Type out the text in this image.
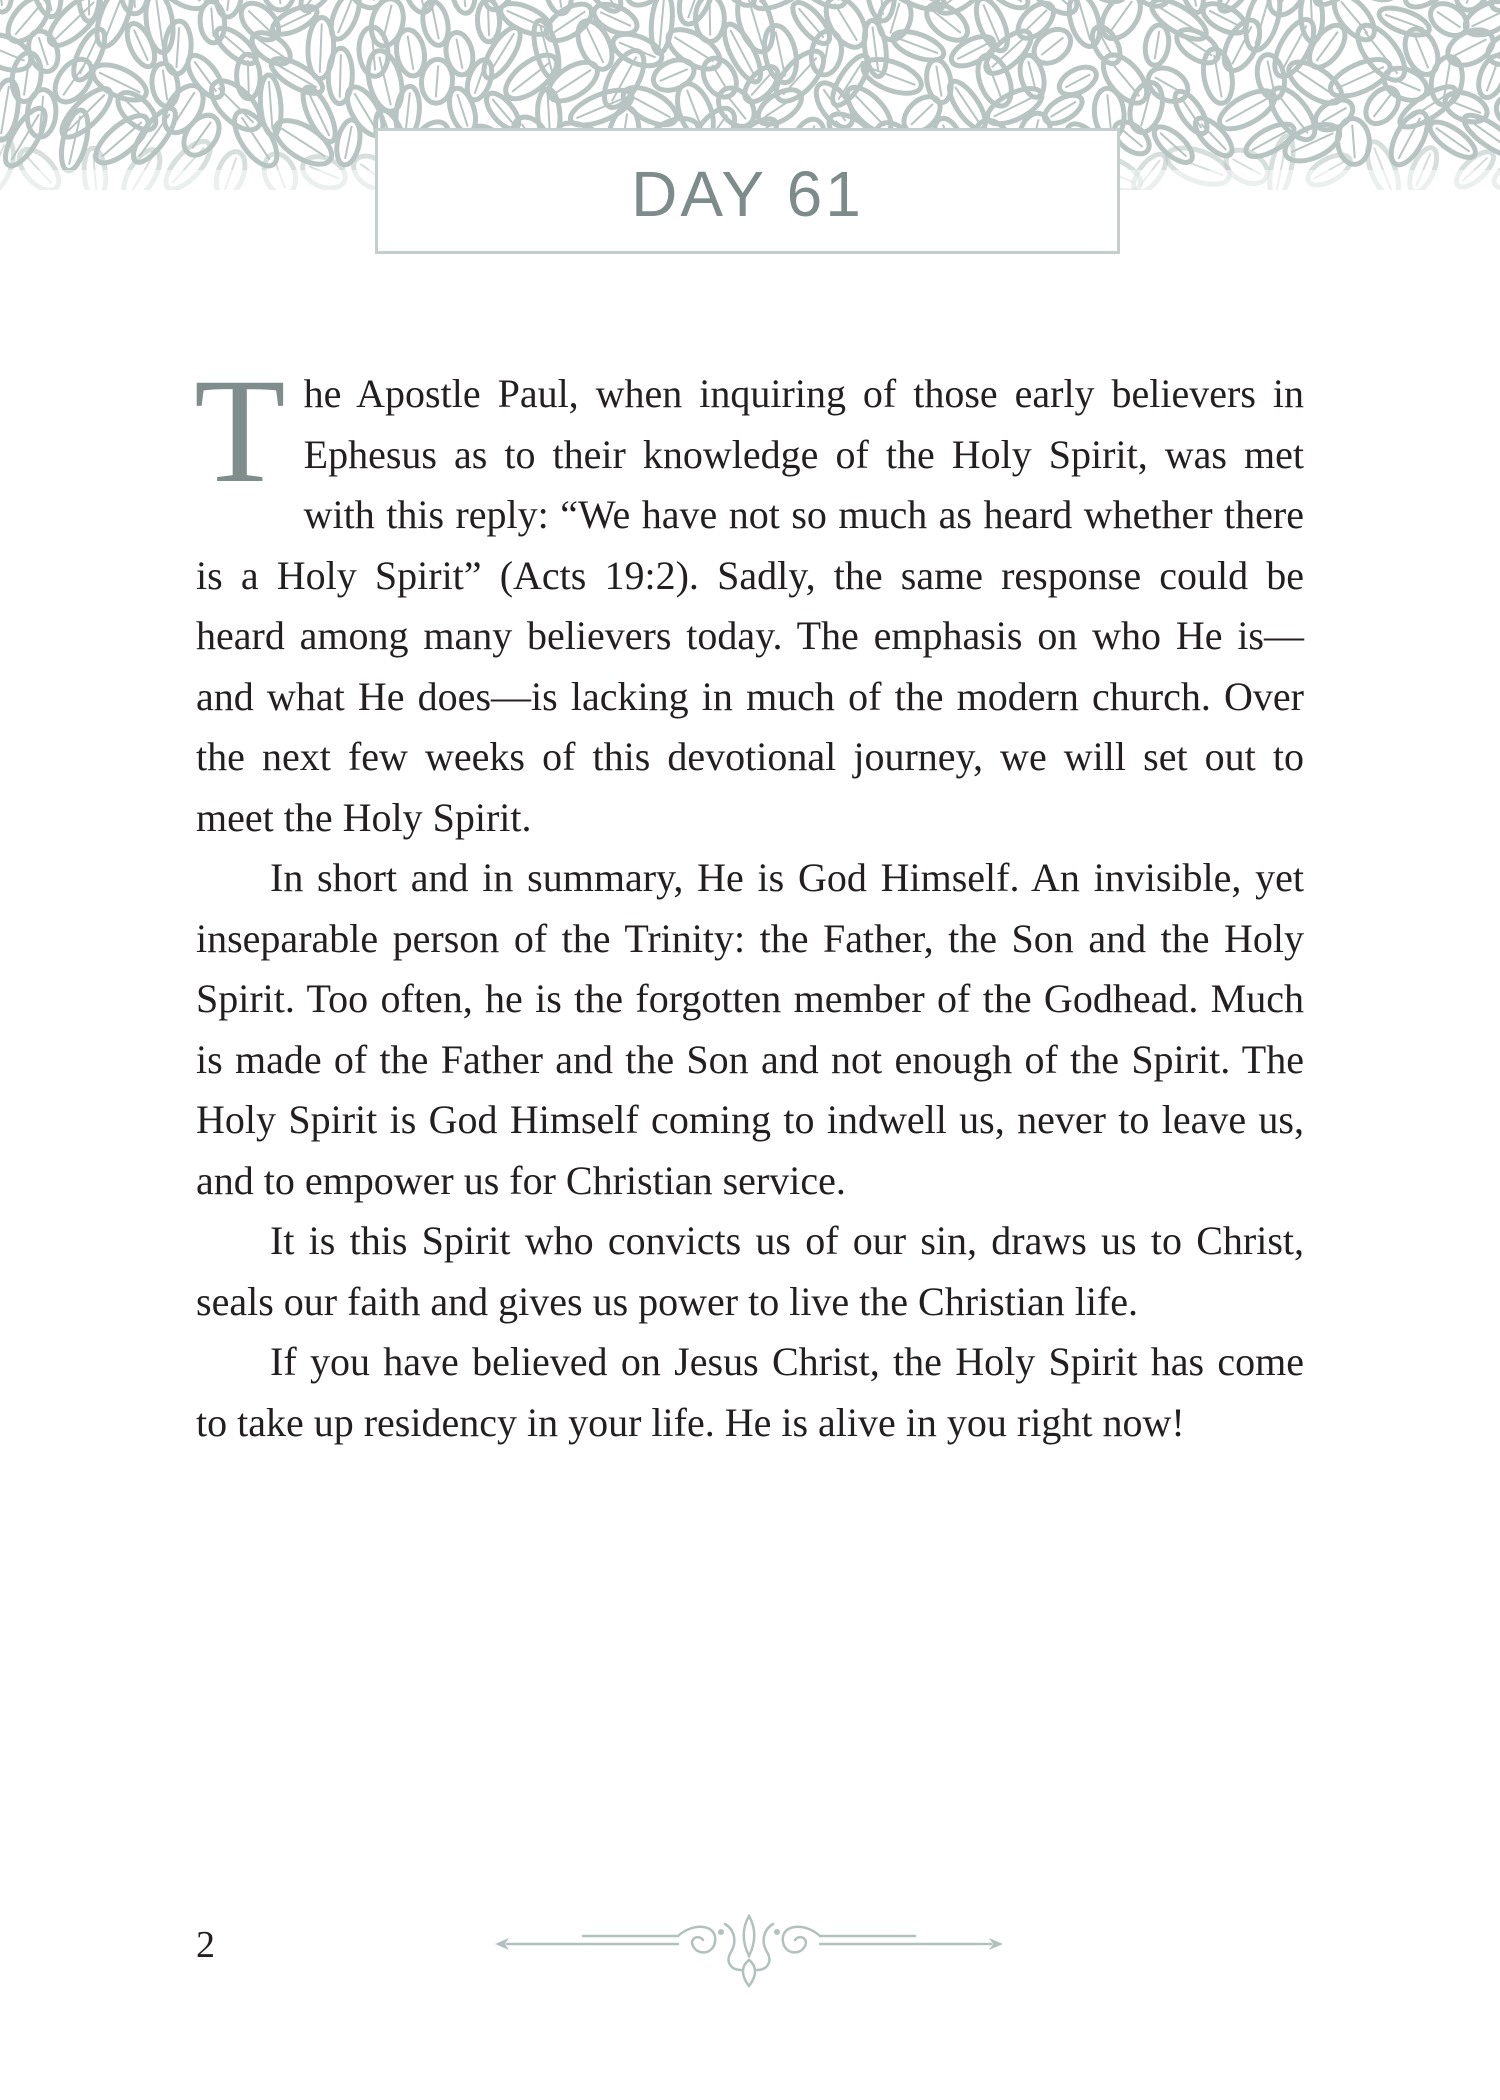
DAY 61

The Apostle Paul, when inquiring of those early believers in Ephesus as to their knowledge of the Holy Spirit, was met with this reply: “We have not so much as heard whether there is a Holy Spirit” (Acts 19:2). Sadly, the same response could be heard among many believers today. The emphasis on who He is—and what He does—is lacking in much of the modern church. Over the next few weeks of this devotional journey, we will set out to meet the Holy Spirit.

In short and in summary, He is God Himself. An invisible, yet inseparable person of the Trinity: the Father, the Son and the Holy Spirit. Too often, he is the forgotten member of the Godhead. Much is made of the Father and the Son and not enough of the Spirit. The Holy Spirit is God Himself coming to indwell us, never to leave us, and to empower us for Christian service.

It is this Spirit who convicts us of our sin, draws us to Christ, seals our faith and gives us power to live the Christian life.

If you have believed on Jesus Christ, the Holy Spirit has come to take up residency in your life. He is alive in you right now!

2
